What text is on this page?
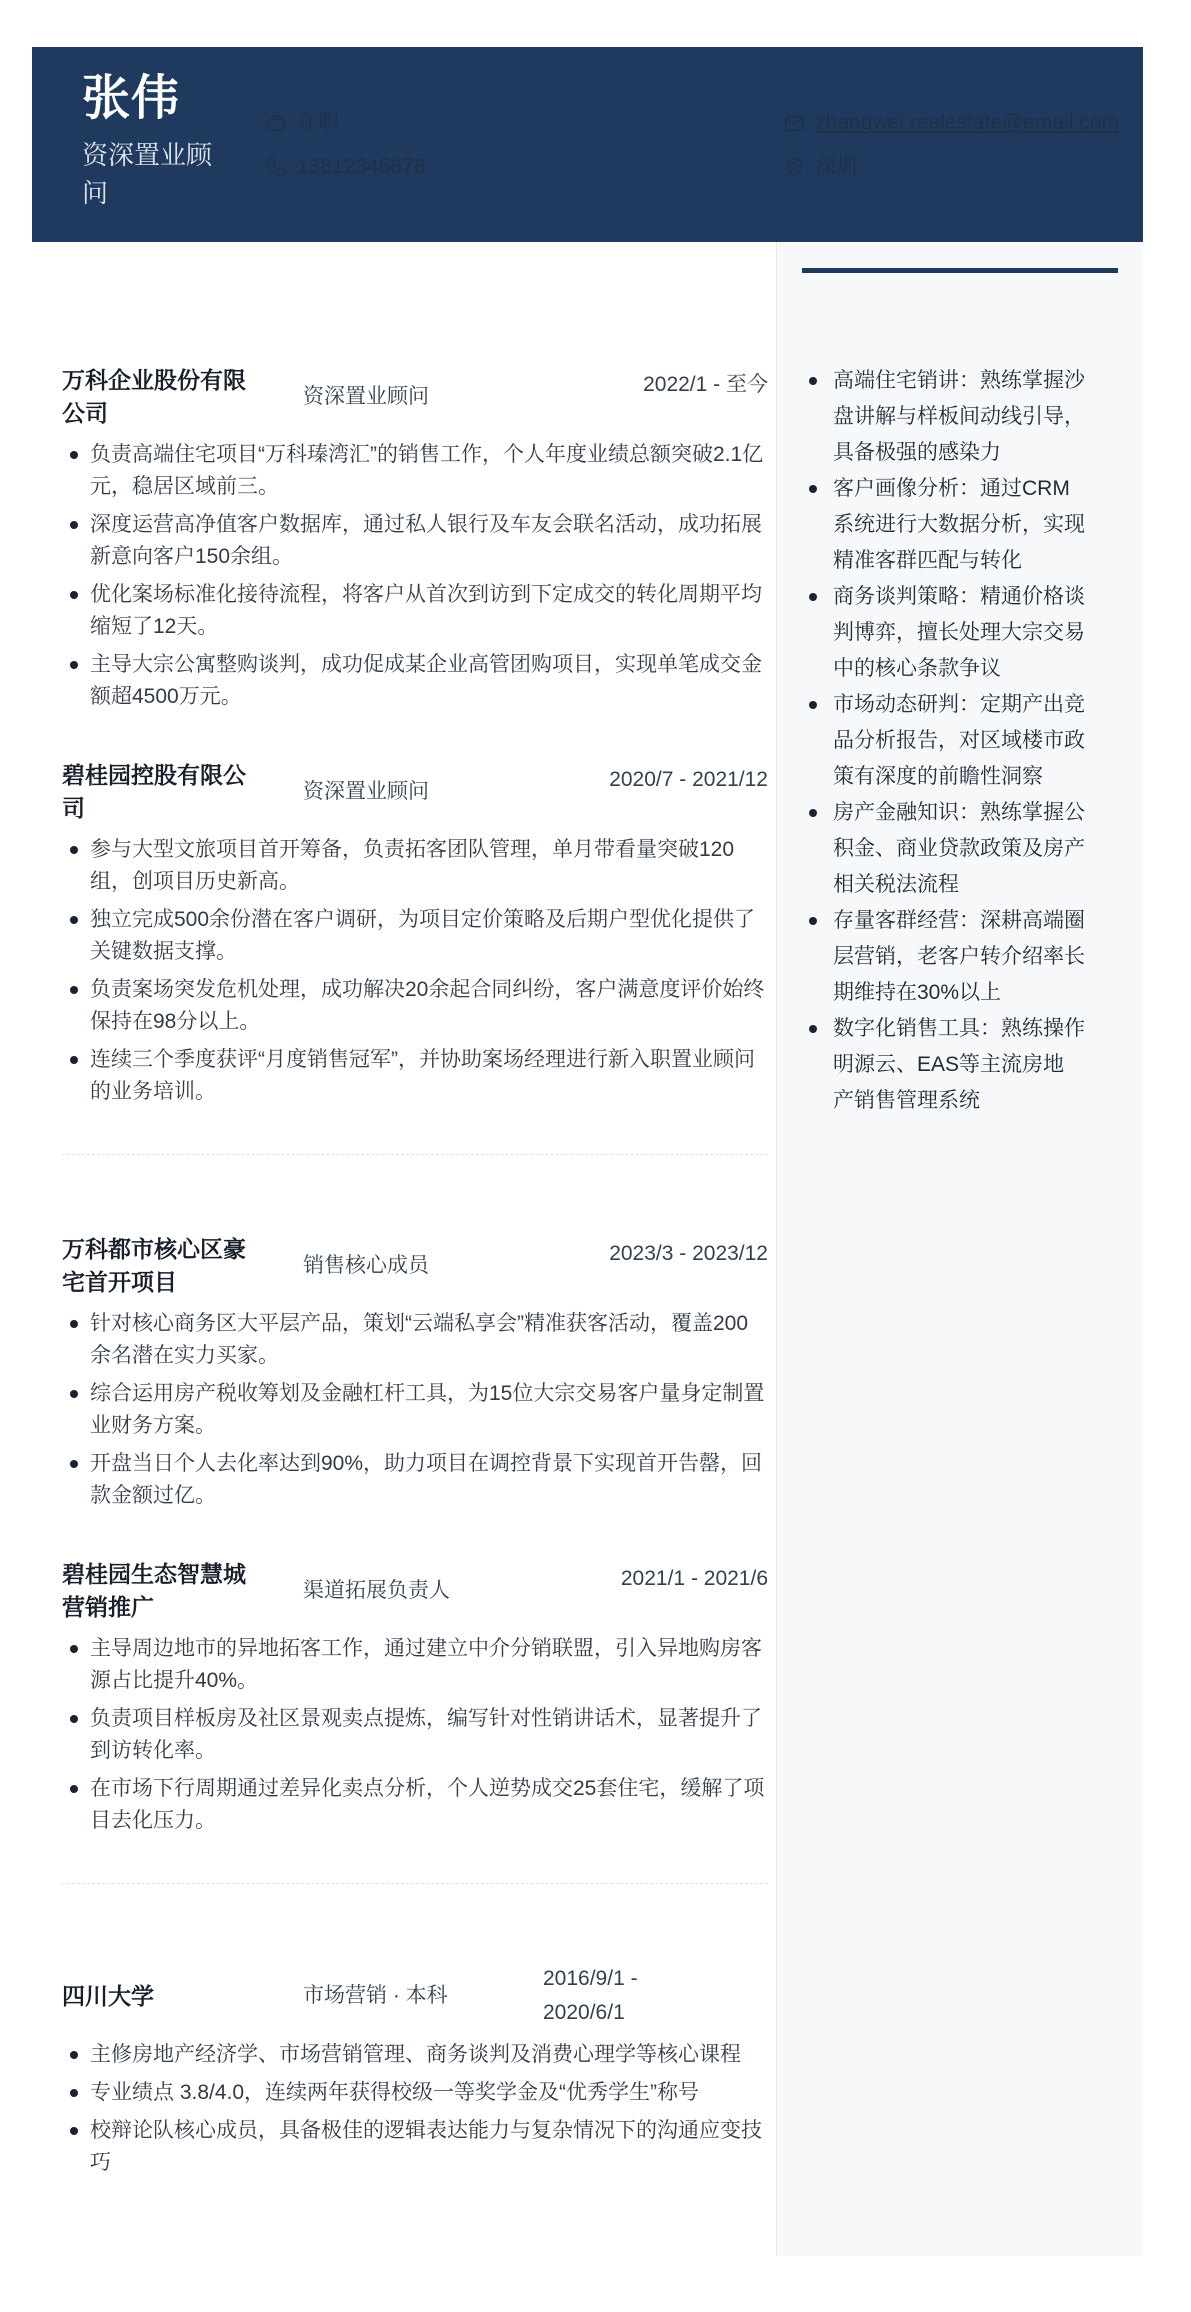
张伟
资深置业顾问
在职
13812345678
zhangwei.realestate@email.com
深圳
高端住宅销讲：熟练掌握沙盘讲解与样板间动线引导，具备极强的感染力
客户画像分析：通过CRM系统进行大数据分析，实现精准客群匹配与转化
商务谈判策略：精通价格谈判博弈，擅长处理大宗交易中的核心条款争议
市场动态研判：定期产出竞品分析报告，对区域楼市政策有深度的前瞻性洞察
房产金融知识：熟练掌握公积金、商业贷款政策及房产相关税法流程
存量客群经营：深耕高端圈层营销，老客户转介绍率长期维持在30%以上
数字化销售工具：熟练操作明源云、EAS等主流房地产销售管理系统
万科企业股份有限公司
资深置业顾问
2022/1 - 至今
负责高端住宅项目“万科瑧湾汇”的销售工作，个人年度业绩总额突破2.1亿元，稳居区域前三。
深度运营高净值客户数据库，通过私人银行及车友会联名活动，成功拓展新意向客户150余组。
优化案场标准化接待流程，将客户从首次到访到下定成交的转化周期平均缩短了12天。
主导大宗公寓整购谈判，成功促成某企业高管团购项目，实现单笔成交金额超4500万元。
碧桂园控股有限公司
资深置业顾问
2020/7 - 2021/12
参与大型文旅项目首开筹备，负责拓客团队管理，单月带看量突破120组，创项目历史新高。
独立完成500余份潜在客户调研，为项目定价策略及后期户型优化提供了关键数据支撑。
负责案场突发危机处理，成功解决20余起合同纠纷，客户满意度评价始终保持在98分以上。
连续三个季度获评“月度销售冠军”，并协助案场经理进行新入职置业顾问的业务培训。
万科都市核心区豪宅首开项目
销售核心成员
2023/3 - 2023/12
针对核心商务区大平层产品，策划“云端私享会”精准获客活动，覆盖200余名潜在实力买家。
综合运用房产税收筹划及金融杠杆工具，为15位大宗交易客户量身定制置业财务方案。
开盘当日个人去化率达到90%，助力项目在调控背景下实现首开告罄，回款金额过亿。
碧桂园生态智慧城营销推广
渠道拓展负责人
2021/1 - 2021/6
主导周边地市的异地拓客工作，通过建立中介分销联盟，引入异地购房客源占比提升40%。
负责项目样板房及社区景观卖点提炼，编写针对性销讲话术，显著提升了到访转化率。
在市场下行周期通过差异化卖点分析，个人逆势成交25套住宅，缓解了项目去化压力。
四川大学	市场营销 · 本科
2016/9/1 - 2020/6/1
主修房地产经济学、市场营销管理、商务谈判及消费心理学等核心课程
专业绩点 3.8/4.0，连续两年获得校级一等奖学金及“优秀学生”称号
校辩论队核心成员，具备极佳的逻辑表达能力与复杂情况下的沟通应变技巧
